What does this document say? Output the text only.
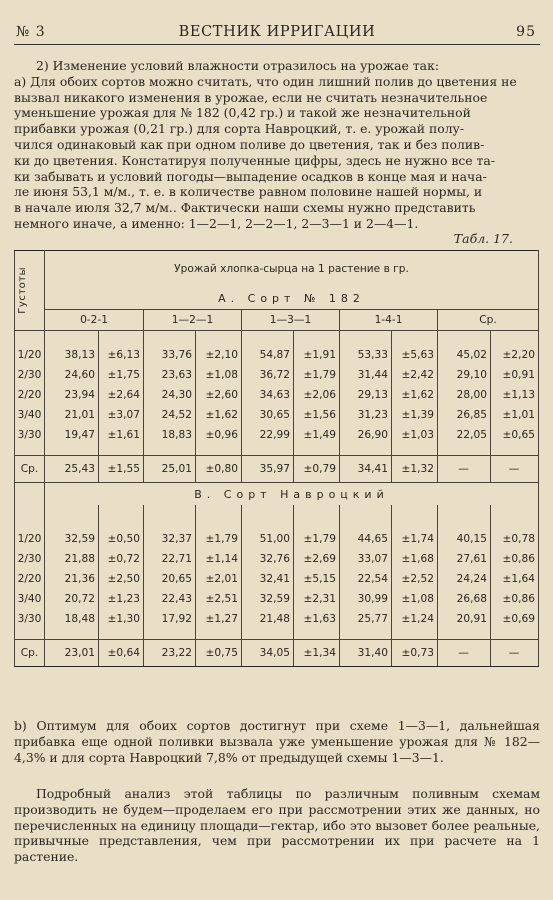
№ 3	ВЕСТНИК ИРРИГАЦИИ	95
2) Изменение условий влажности отразилось на урожае так:
а) Для обоих сортов можно считать, что один лишний полив до цветения не
вызвал никакого изменения в урожае, если не считать незначительное
уменьшение урожая для № 182 (0,42 гр.) и такой же незначительной
прибавки урожая (0,21 гр.) для сорта Навроцкий, т. е. урожай полу-
чился одинаковый как при одном поливе до цветения, так и без полив-
ки до цветения. Констатируя полученные цифры, здесь не нужно все та-
ки забывать и условий погоды—выпадение осадков в конце мая и нача-
ле июня 53,1 м/м., т. е. в количестве равном половине нашей нормы, и
в начале июля 32,7 м/м.. Фактически наши схемы нужно представить
немного иначе, а именно: 1—2—1, 2—2—1, 2—3—1 и 2—4—1.
Табл. 17.
Густоты	Урожай хлопка-сырца на 1 растение в гр.									
	А. Сорт № 182									
	0-2-1		1—2—1		1—3—1		1-4-1		Ср.	

1/20	38,13	±6,13	33,76	±2,10	54,87	±1,91	53,33	±5,63	45,02	±2,20
2/30	24,60	±1,75	23,63	±1,08	36,72	±1,79	31,44	±2,42	29,10	±0,91
2/20	23,94	±2,64	24,30	±2,60	34,63	±2,06	29,13	±1,62	28,00	±1,13
3/40	21,01	±3,07	24,52	±1,62	30,65	±1,56	31,23	±1,39	26,85	±1,01
3/30	19,47	±1,61	18,83	±0,96	22,99	±1,49	26,90	±1,03	22,05	±0,65

Ср.	25,43	±1,55	25,01	±0,80	35,97	±0,79	34,41	±1,32	—	—
	В. Сорт Навроцкий									

1/20	32,59	±0,50	32,37	±1,79	51,00	±1,79	44,65	±1,74	40,15	±0,78
2/30	21,88	±0,72	22,71	±1,14	32,76	±2,69	33,07	±1,68	27,61	±0,86
2/20	21,36	±2,50	20,65	±2,01	32,41	±5,15	22,54	±2,52	24,24	±1,64
3/40	20,72	±1,23	22,43	±2,51	32,59	±2,31	30,99	±1,08	26,68	±0,86
3/30	18,48	±1,30	17,92	±1,27	21,48	±1,63	25,77	±1,24	20,91	±0,69

Ср.	23,01	±0,64	23,22	±0,75	34,05	±1,34	31,40	±0,73	—	—
b) Оптимум для обоих сортов достигнут при схеме 1—3—1, дальнейшая прибавка еще одной поливки вызвала уже уменьшение урожая для № 182—4,3% и для сорта Навроцкий 7,8% от предыдущей схемы 1—3—1.
Подробный анализ этой таблицы по различным поливным схемам производить не будем—проделаем его при рассмотрении этих же данных, но перечисленных на единицу площади—гектар, ибо это вызовет более реальные, привычные представления, чем при рассмотрении их при расчете на 1 растение.
